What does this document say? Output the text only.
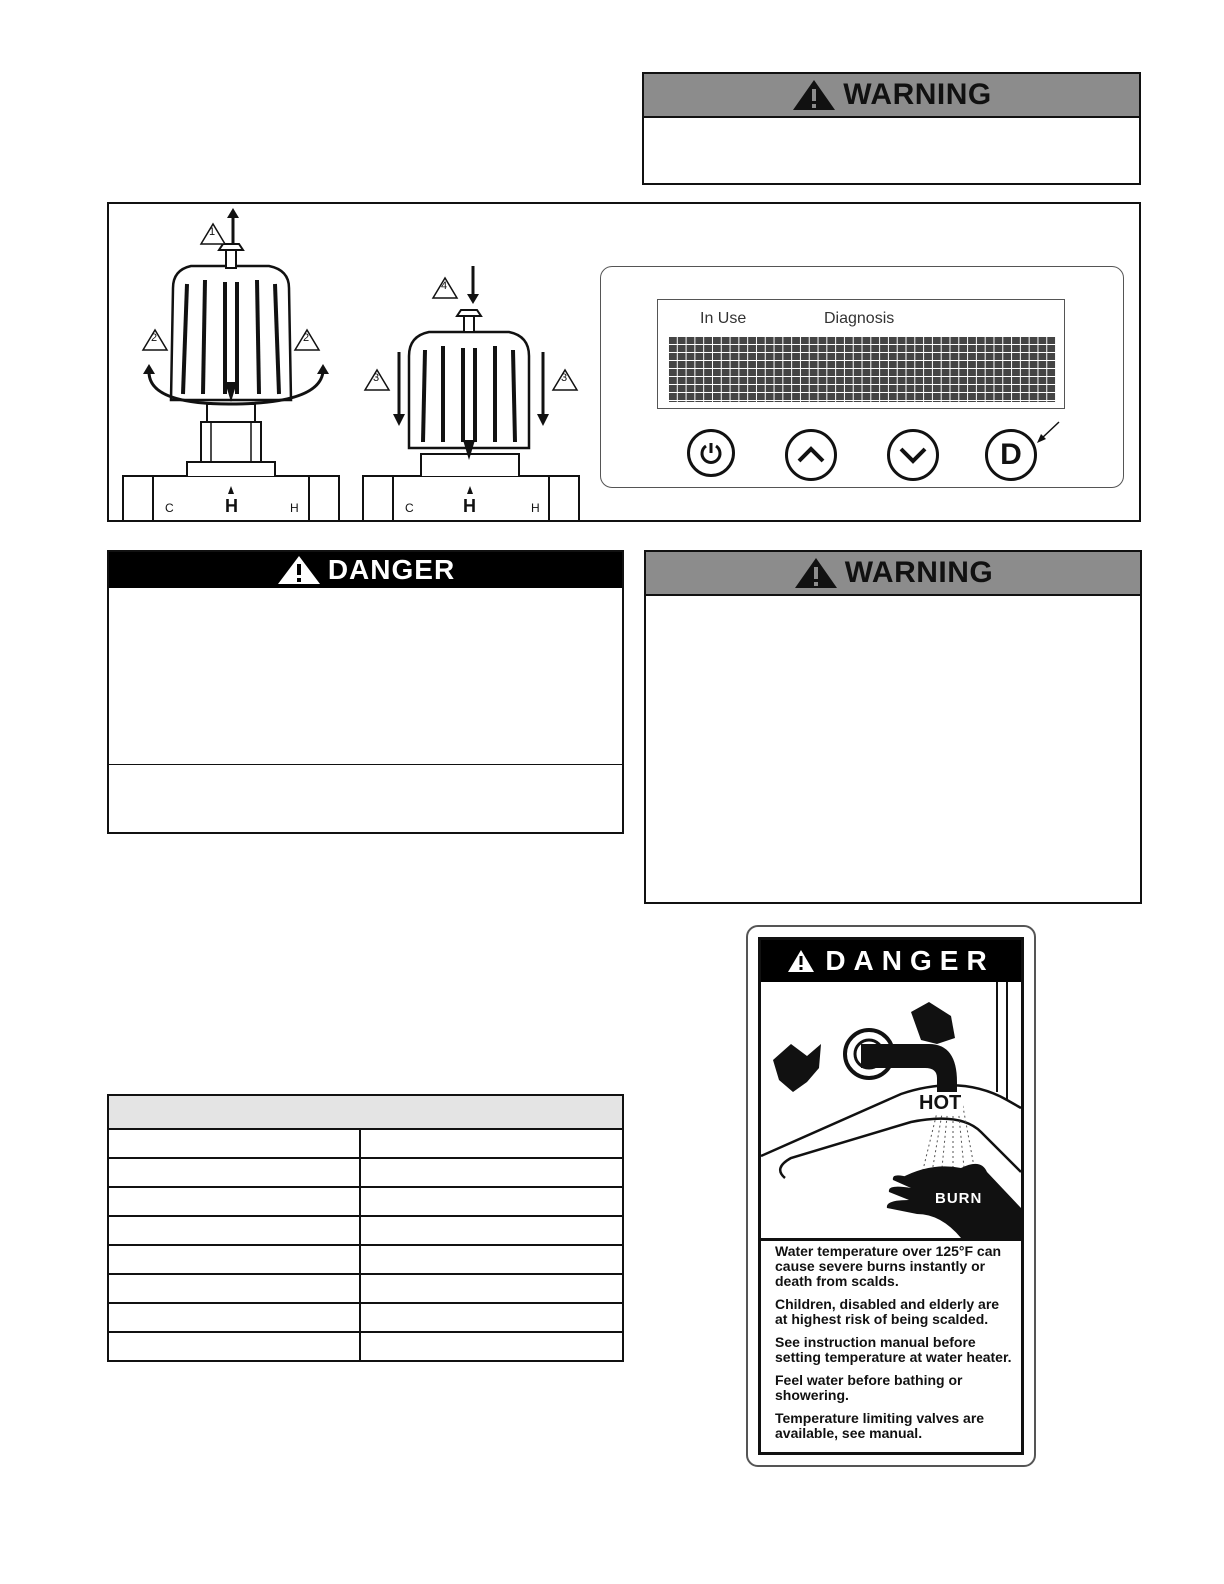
WARNING
1
2	2
4
3	3
C	H	H	C	H	H
In Use	Diagnosis
D
DANGER	WARNING
DANGER
HOT
BURN
Water temperature over 125°F can cause severe burns instantly or death from scalds.
Children, disabled and elderly are at highest risk of being scalded.
See instruction manual before setting temperature at water heater.
Feel water before bathing or showering.
Temperature limiting valves are available, see manual.
